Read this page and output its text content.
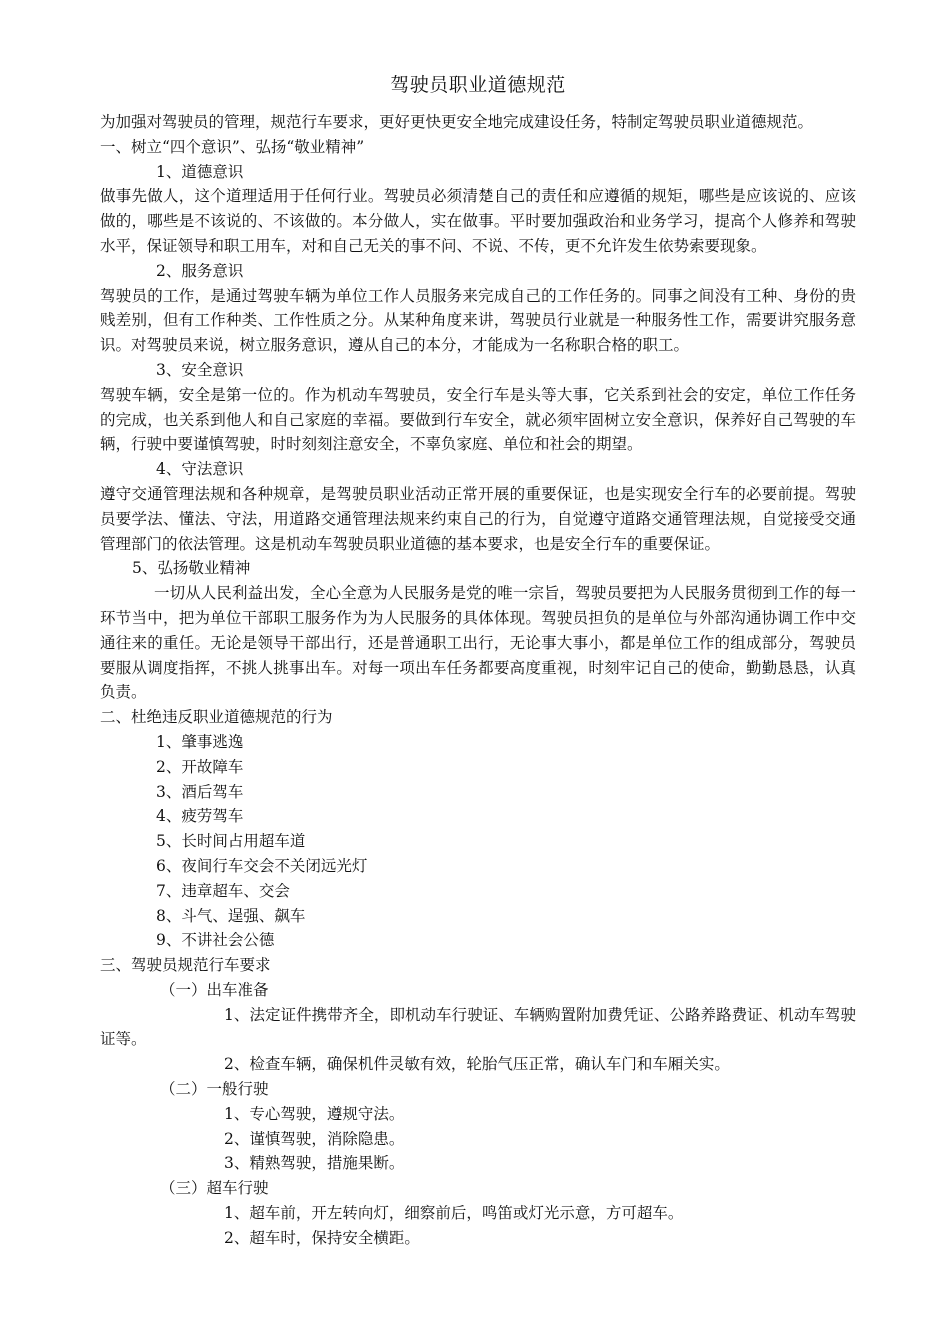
驾驶员职业道德规范

为加强对驾驶员的管理，规范行车要求，更好更快更安全地完成建设任务，特制定驾驶员职业道德规范。

一、树立“四个意识”、弘扬“敬业精神”

1、道德意识

做事先做人，这个道理适用于任何行业。驾驶员必须清楚自己的责任和应遵循的规矩，哪些是应该说的、应该做的，哪些是不该说的、不该做的。本分做人，实在做事。平时要加强政治和业务学习，提高个人修养和驾驶水平，保证领导和职工用车，对和自己无关的事不问、不说、不传，更不允许发生依势索要现象。

2、服务意识

驾驶员的工作，是通过驾驶车辆为单位工作人员服务来完成自己的工作任务的。同事之间没有工种、身份的贵贱差别，但有工作种类、工作性质之分。从某种角度来讲，驾驶员行业就是一种服务性工作，需要讲究服务意识。对驾驶员来说，树立服务意识，遵从自己的本分，才能成为一名称职合格的职工。

3、安全意识

驾驶车辆，安全是第一位的。作为机动车驾驶员，安全行车是头等大事，它关系到社会的安定，单位工作任务的完成，也关系到他人和自己家庭的幸福。要做到行车安全，就必须牢固树立安全意识，保养好自己驾驶的车辆，行驶中要谨慎驾驶，时时刻刻注意安全，不辜负家庭、单位和社会的期望。

4、守法意识

遵守交通管理法规和各种规章，是驾驶员职业活动正常开展的重要保证，也是实现安全行车的必要前提。驾驶员要学法、懂法、守法，用道路交通管理法规来约束自己的行为，自觉遵守道路交通管理法规，自觉接受交通管理部门的依法管理。这是机动车驾驶员职业道德的基本要求，也是安全行车的重要保证。

5、弘扬敬业精神

一切从人民利益出发，全心全意为人民服务是党的唯一宗旨，驾驶员要把为人民服务贯彻到工作的每一环节当中，把为单位干部职工服务作为为人民服务的具体体现。驾驶员担负的是单位与外部沟通协调工作中交通往来的重任。无论是领导干部出行，还是普通职工出行，无论事大事小，都是单位工作的组成部分，驾驶员要服从调度指挥，不挑人挑事出车。对每一项出车任务都要高度重视，时刻牢记自己的使命，勤勤恳恳，认真负责。

二、杜绝违反职业道德规范的行为

1、肇事逃逸

2、开故障车

3、酒后驾车

4、疲劳驾车

5、长时间占用超车道

6、夜间行车交会不关闭远光灯

7、违章超车、交会

8、斗气、逞强、飙车

9、不讲社会公德

三、驾驶员规范行车要求

（一）出车准备

1、法定证件携带齐全，即机动车行驶证、车辆购置附加费凭证、公路养路费证、机动车驾驶证等。

2、检查车辆，确保机件灵敏有效，轮胎气压正常，确认车门和车厢关实。

（二）一般行驶

1、专心驾驶，遵规守法。

2、谨慎驾驶，消除隐患。

3、精熟驾驶，措施果断。

（三）超车行驶

1、超车前，开左转向灯，细察前后，鸣笛或灯光示意，方可超车。

2、超车时，保持安全横距。
